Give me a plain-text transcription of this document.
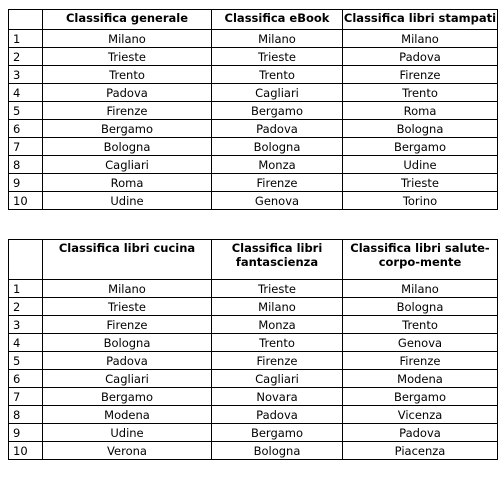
	Classifica generale	Classifica eBook	Classifica libri stampati
1	Milano	Milano	Milano
2	Trieste	Trieste	Padova
3	Trento	Trento	Firenze
4	Padova	Cagliari	Trento
5	Firenze	Bergamo	Roma
6	Bergamo	Padova	Bologna
7	Bologna	Bologna	Bergamo
8	Cagliari	Monza	Udine
9	Roma	Firenze	Trieste
10	Udine	Genova	Torino
	Classifica libri cucina	Classifica libri fantascienza	Classifica libri salute-corpo-mente
1	Milano	Trieste	Milano
2	Trieste	Milano	Bologna
3	Firenze	Monza	Trento
4	Bologna	Trento	Genova
5	Padova	Firenze	Firenze
6	Cagliari	Cagliari	Modena
7	Bergamo	Novara	Bergamo
8	Modena	Padova	Vicenza
9	Udine	Bergamo	Padova
10	Verona	Bologna	Piacenza
